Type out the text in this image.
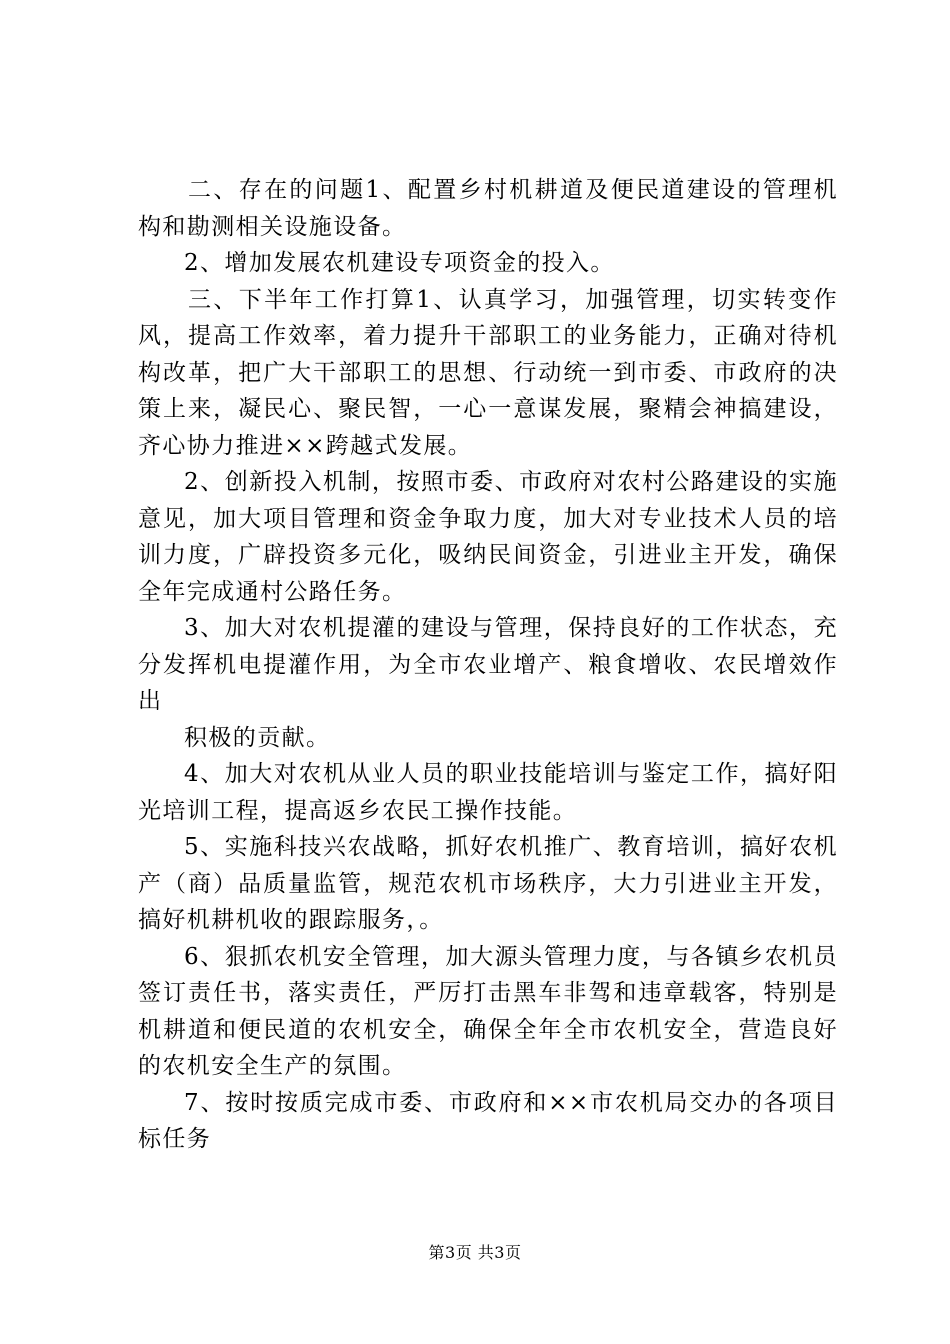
二、存在的问题1、配置乡村机耕道及便民道建设的管理机构和勘测相关设施设备。

2、增加发展农机建设专项资金的投入。

三、下半年工作打算1、认真学习，加强管理，切实转变作风，提高工作效率，着力提升干部职工的业务能力，正确对待机构改革，把广大干部职工的思想、行动统一到市委、市政府的决策上来，凝民心、聚民智，一心一意谋发展，聚精会神搞建设，齐心协力推进××跨越式发展。

2、创新投入机制，按照市委、市政府对农村公路建设的实施意见，加大项目管理和资金争取力度，加大对专业技术人员的培训力度，广辟投资多元化，吸纳民间资金，引进业主开发，确保全年完成通村公路任务。

3、加大对农机提灌的建设与管理，保持良好的工作状态，充分发挥机电提灌作用，为全市农业增产、粮食增收、农民增效作出

积极的贡献。

4、加大对农机从业人员的职业技能培训与鉴定工作，搞好阳光培训工程，提高返乡农民工操作技能。

5、实施科技兴农战略，抓好农机推广、教育培训，搞好农机产（商）品质量监管，规范农机市场秩序，大力引进业主开发，搞好机耕机收的跟踪服务，。

6、狠抓农机安全管理，加大源头管理力度，与各镇乡农机员签订责任书，落实责任，严厉打击黑车非驾和违章载客，特别是机耕道和便民道的农机安全，确保全年全市农机安全，营造良好的农机安全生产的氛围。

7、按时按质完成市委、市政府和××市农机局交办的各项目标任务

第3页 共3页
